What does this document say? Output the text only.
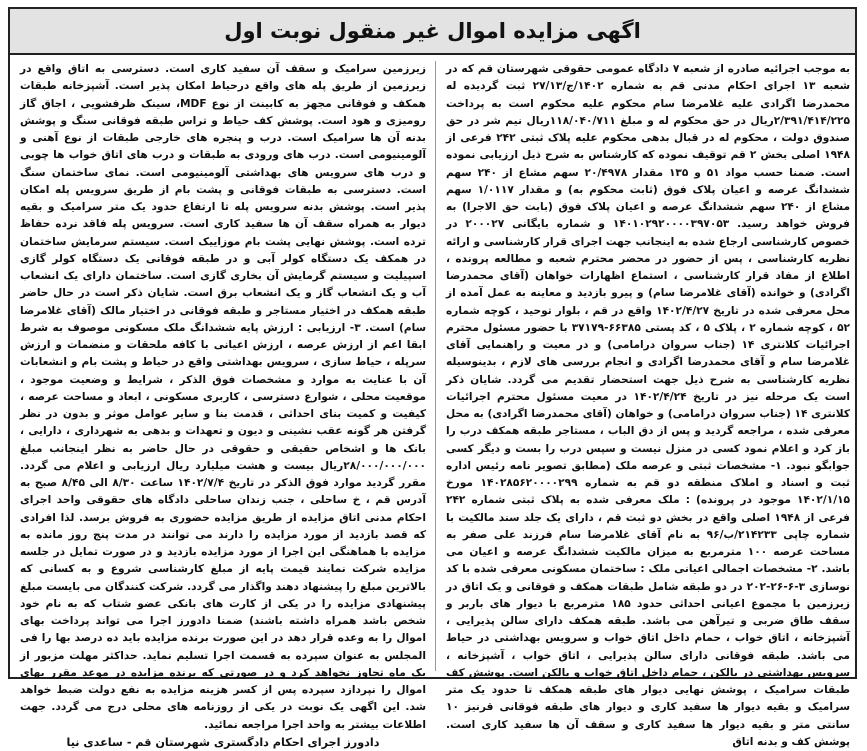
اگهی مزایده اموال غیر منقول نوبت اول

به موجب اجرائیه صادره از شعبه ۷ دادگاه عمومی حقوقی شهرستان قم که در شعبه ۱۳ اجرای احکام مدنی قم به شماره ۱۴۰۲/ج/۲۷/۱۳ ثبت گردیده له محمدرضا اگرادی علیه غلامرضا سام محکوم علیه محکوم است به پرداخت ۲/۳۹۱/۴۱۴/۲۲۵ریال در حق محکوم له و مبلغ ۱۱۸/۰۴۰/۷۱۱ریال نیم شر در حق صندوق دولت ، محکوم له در قبال بدهی محکوم علیه پلاک ثبتی ۲۴۲ فرعی از ۱۹۴۸ اصلی بخش ۲ قم توقیف نموده که کارشناس به شرح ذیل ارزیابی نموده است. ضمنا حسب مواد ۵۱ و ۱۳۵ مقدار ۲۰/۴۹۷۸ سهم مشاع از ۲۴۰ سهم ششدانگ عرصه و اعیان پلاک فوق (ثابت محکوم به) و مقدار ۱/۰۱۱۷ سهم مشاع از ۲۴۰ سهم ششدانگ عرصه و اعیان پلاک فوق (بابت حق الاجرا) به فروش خواهد رسید. ۱۴۰۱۰۲۹۲۰۰۰۰۳۹۷۰۵۳ و شماره بایگانی ۲۰۰۰۲۷ در خصوص کارشناسی ارجاع شده به اینجانب جهت اجرای قرار کارشناسی و ارائه نظریه کارشناسی ، پس از حضور در محضر محترم شعبه و مطالعه پرونده ، اطلاع از مفاد قرار کارشناسی ، استماع اظهارات خواهان (آقای محمدرضا اگرادی) و خوانده (آقای غلامرضا سام) و پیرو بازدید و معاینه به عمل آمده از محل معرفی شده در تاریخ ۱۴۰۲/۴/۲۷ واقع در قم ، بلوار توحید ، کوچه شماره ۵۲ ، کوچه شماره ۲ ، پلاک ۵ ، کد پستی ۶۶۳۸۵-۳۷۱۷۹ با حضور مسئول محترم اجرائیات کلانتری ۱۴ (جناب سروان درامامی) و در معیت و راهنمایی آقای غلامرضا سام و آقای محمدرضا اگرادی و انجام بررسی های لازم ، بدینوسیله نظریه کارشناسی به شرح ذیل جهت استحضار تقدیم می گردد. شایان ذکر است یک مرحله نیز در تاریخ ۱۴۰۲/۴/۲۴ در معیت مسئول محترم اجرائیات کلانتری ۱۴ (جناب سروان درامامی) و خواهان (آقای محمدرضا اگرادی) به محل معرفی شده ، مراجعه گردید و پس از دق الباب ، مستاجر طبقه همکف درب را باز کرد و اعلام نمود کسی در منزل نیست و سپس درب را بست و دیگر کسی جوابگو نبود. ۱- مشخصات ثبتی و عرصه ملک (مطابق تصویر نامه رئیس اداره ثبت و اسناد و املاک منطقه دو قم به شماره ۱۴۰۲۸۵۶۲۰۰۰۰۲۹۹ مورخ ۱۴۰۲/۱/۱۵ موجود در پرونده) : ملک معرفی شده به پلاک ثبتی شماره ۲۴۲ فرعی از ۱۹۴۸ اصلی واقع در بخش دو ثبت قم ، دارای یک جلد سند مالکیت با شماره چاپی ۲۱۴۲۳۳/ب/۹۶ به نام آقای غلامرضا سام فرزند علی صفر به مساحت عرصه ۱۰۰ مترمربع به میزان مالکیت ششدانگ عرصه و اعیان می باشد. ۲- مشخصات اجمالی اعیانی ملک : ساختمان مسکونی معرفی شده با کد نوسازی ۳-۶-۲۶-۲۰۲ در دو طبقه شامل طبقات همکف و فوقانی و یک اتاق در زیرزمین با مجموع اعیانی احداثی حدود ۱۸۵ مترمربع با دیوار های باربر و سقف طاق ضربی و تیرآهن می باشد. طبقه همکف دارای سالن پذیرایی ، آشپزخانه ، اتاق خواب ، حمام داخل اتاق خواب و سرویس بهداشتی در حیاط می باشد. طبقه فوقانی دارای سالن پذیرایی ، اتاق خواب ، آشپزخانه ، سرویس بهداشتی در بالکن ، حمام داخل اتاق خواب و بالکن است. پوشش کف طبقات سرامیک ، پوشش نهایی دیوار های طبقه همکف تا حدود یک متر سرامیک و بقیه دیوار ها سفید کاری و دیوار های طبقه فوقانی قرنیز ۱۰ سانتی متر و بقیه دیوار ها سفید کاری و سقف آن ها سفید کاری است. پوشش کف و بدنه اتاق

زیرزمین سرامیک و سقف آن سفید کاری است. دسترسی به اتاق واقع در زیرزمین از طریق پله های واقع درحیاط امکان پذیر است. آشپزخانه طبقات همکف و فوقانی مجهز به کابینت از نوع MDF، سینک ظرفشویی ، اجاق گاز رومیزی و هود است. پوشش کف حیاط و تراس طبقه فوقانی سنگ و پوشش بدنه آن ها سرامیک است. درب و پنجره های خارجی طبقات از نوع آهنی و آلومینیومی است. درب های ورودی به طبقات و درب های اتاق خواب ها چوبی و درب های سرویس های بهداشتی آلومینیومی است. نمای ساختمان سنگ است. دسترسی به طبقات فوقانی و پشت بام از طریق سرویس پله امکان پذیر است. پوشش بدنه سرویس پله تا ارتفاع حدود یک متر سرامیک و بقیه دیوار به همراه سقف آن ها سفید کاری است. سرویس پله فاقد نرده حفاظ ترده است. پوشش نهایی پشت بام موزاییک است. سیستم سرمایش ساختمان در همکف یک دستگاه کولر آبی و در طبقه فوقانی یک دستگاه کولر گازی اسپیلیت و سیستم گرمایش آن بخاری گازی است. ساختمان دارای یک انشعاب آب و یک انشعاب گاز و یک انشعاب برق است. شایان ذکر است در حال حاضر طبقه همکف در اختیار مستاجر و طبقه فوقانی در اختیار مالک (آقای غلامرضا سام) است. ۳- ارزیابی : ارزش پایه ششدانگ ملک مسکونی موصوف به شرط ابقا اعم از ارزش عرصه ، ارزش اعیانی با کافه ملحقات و منضمات و ارزش سرپله ، حیاط سازی ، سرویس بهداشتی واقع در حیاط و پشت بام و انشعابات آن با عنایت به موارد و مشخصات فوق الذکر ، شرایط و وضعیت موجود ، موقعیت محلی ، شوارع دسترسی ، کاربری مسکونی ، ابعاد و مساحت عرصه ، کیفیت و کمیت بنای احداثی ، قدمت بنا و سایر عوامل موثر و بدون در نظر گرفتن هر گونه عقب نشینی و دیون و تعهدات و بدهی به شهرداری ، دارایی ، بانک ها و اشخاص حقیقی و حقوقی در حال حاضر به نظر اینجانب مبلغ ۲۸/۰۰۰/۰۰۰/۰۰۰ریال بیست و هشت میلیارد ریال ارزیابی و اعلام می گردد. مقرر گردید موارد فوق الذکر در تاریخ ۱۴۰۲/۷/۴ ساعت ۸/۳۰ الی ۸/۴۵ صبح به آدرس قم ، خ ساحلی ، جنب زندان ساحلی دادگاه های حقوقی واحد اجرای احکام مدنی اتاق مزایده از طریق مزایده حضوری به فروش برسد. لذا افرادی که قصد بازدید از مورد مزایده را دارند می توانند در مدت پنج روز مانده به مزایده با هماهنگی این اجرا از مورد مزایده بازدید و در صورت تمایل در جلسه مزایده شرکت نمایند قیمت پایه از مبلغ کارشناسی شروع و به کسانی که بالاترین مبلغ را پیشنهاد دهند واگذار می گردد. شرکت کنندگان می بایست مبلغ پیشنهادی مزایده را در یکی از کارت های بانکی عضو شتاب که به نام خود شخص باشد همراه داشته باشند) ضمنا دادورز اجرا می تواند پرداخت بهای اموال را به وعده قرار دهد در این صورت برنده مزایده باید ده درصد بها را فی المجلس به عنوان سپرده به قسمت اجرا تسلیم نماید. حداکثر مهلت مزبور از یک ماه تجاوز نخواهد کرد و در صورتی که برنده مزایده در موعد مقرر بهای اموال را نپردازد سپرده پس از کسر هزینه مزایده به نفع دولت ضبط خواهد شد. این اگهی یک نوبت در یکی از روزنامه های محلی درج می گردد. جهت اطلاعات بیشتر به واحد اجرا مراجعه نمائید.

دادورز اجرای احکام دادگستری شهرستان قم - ساعدی نیا
